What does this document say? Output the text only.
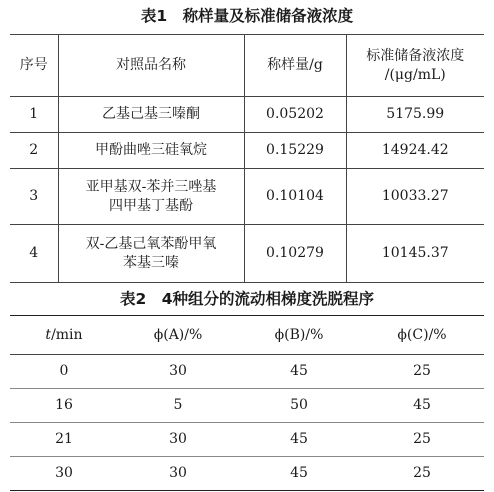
表1　称样量及标准储备液浓度
序号	对照品名称	称样量/g	标准储备液浓度
/(μg/mL)

1	乙基己基三嗪酮	0.05202	5175.99
2	甲酚曲唑三硅氧烷	0.15229	14924.42
3	亚甲基双-苯并三唑基
四甲基丁基酚	0.10104	10033.27
4	双-乙基己氧苯酚甲氧
苯基三嗪	0.10279	10145.37
表2　4种组分的流动相梯度洗脱程序
t/min	ϕ(A)/%	ϕ(B)/%	ϕ(C)/%
0	30	45	25
16	5	50	45
21	30	45	25
30	30	45	25
